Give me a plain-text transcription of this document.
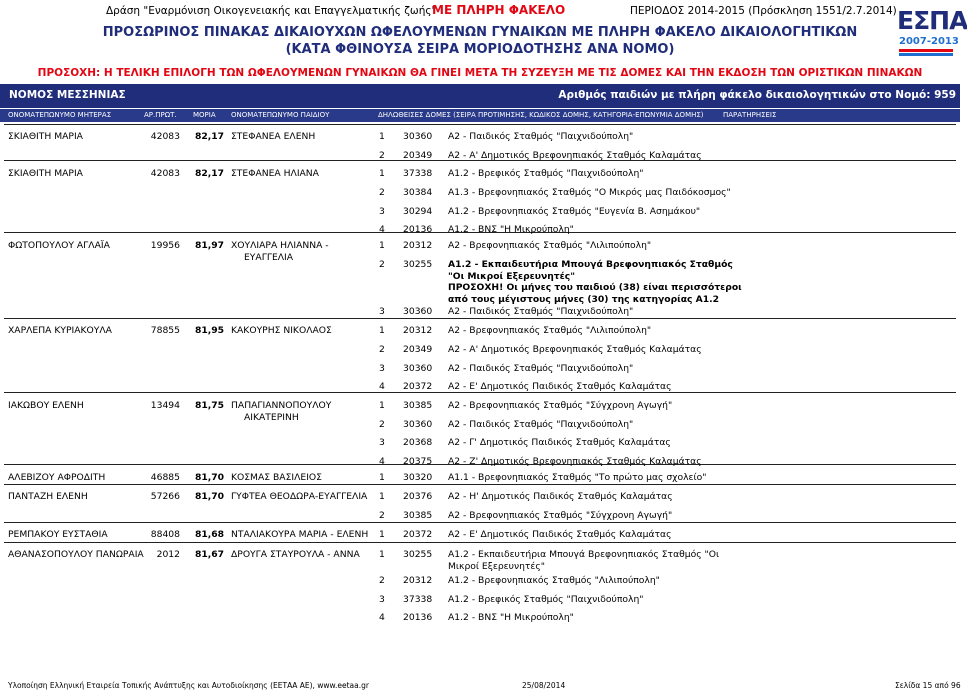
Δράση "Εναρμόνιση Οικογενειακής και Επαγγελματικής ζωής"
ΜΕ ΠΛΗΡΗ ΦΑΚΕΛΟ	ΠΕΡΙΟΔΟΣ 2014-2015 (Πρόσκληση 1551/2.7.2014)
ΠΡΟΣΩΡΙΝΟΣ ΠΙΝΑΚΑΣ ΔΙΚΑΙΟΥΧΩΝ ΩΦΕΛΟΥΜΕΝΩΝ ΓΥΝΑΙΚΩΝ ΜΕ ΠΛΗΡΗ ΦΑΚΕΛΟ ΔΙΚΑΙΟΛΟΓΗΤΙΚΩΝ
(ΚΑΤΑ ΦΘΙΝΟΥΣΑ ΣΕΙΡΑ ΜΟΡΙΟΔΟΤΗΣΗΣ ΑΝΑ ΝΟΜΟ)
ΕΣΠΑ
2007-2013
ΠΡΟΣΟΧΗ: Η ΤΕΛΙΚΗ ΕΠΙΛΟΓΗ ΤΩΝ ΩΦΕΛΟΥΜΕΝΩΝ ΓΥΝΑΙΚΩΝ ΘΑ ΓΙΝΕΙ ΜΕΤΑ ΤΗ ΣΥΖΕΥΞΗ ΜΕ ΤΙΣ ΔΟΜΕΣ ΚΑΙ ΤΗΝ ΕΚΔΟΣΗ ΤΩΝ ΟΡΙΣΤΙΚΩΝ ΠΙΝΑΚΩΝ
ΝΟΜΟΣ ΜΕΣΣΗΝΙΑΣ	Αριθμός παιδιών με πλήρη φάκελο δικαιολογητικών στο Νομό: 959
ΟΝΟΜΑΤΕΠΩΝΥΜΟ ΜΗΤΕΡΑΣ	ΑΡ.ΠΡΩΤ. ΜΟΡΙΑ ΟΝΟΜΑΤΕΠΩΝΥΜΟ ΠΑΙΔΙΟΥ	ΔΗΛΩΘΕΙΣΕΣ ΔΟΜΕΣ (ΣΕΙΡΑ ΠΡΟΤΙΜΗΣΗΣ, ΚΩΔΙΚΟΣ ΔΟΜΗΣ, ΚΑΤΗΓΟΡΙΑ-ΕΠΩΝΥΜΙΑ ΔΟΜΗΣ)	ΠΑΡΑΤΗΡΗΣΕΙΣ
ΣΚΙΑΘΙΤΗ ΜΑΡΙΑ	42083 82,17 ΣΤΕΦΑΝΕΑ ΕΛΕΝΗ	1 30360 Α2 - Παιδικός Σταθμός "Παιχνιδούπολη"
2 20349 Α2 - Α' Δημοτικός Βρεφονηπιακός Σταθμός Καλαμάτας
ΣΚΙΑΘΙΤΗ ΜΑΡΙΑ	42083 82,17 ΣΤΕΦΑΝΕΑ ΗΛΙΑΝΑ	1 37338 Α1.2 - Βρεφικός Σταθμός "Παιχνιδούπολη"
2 30384 Α1.3 - Βρεφονηπιακός Σταθμός "Ο Μικρός μας Παιδόκοσμος"
3 30294 Α1.2 - Βρεφονηπιακός Σταθμός "Ευγενία Β. Ασημάκου"
4 20136 Α1.2 - ΒΝΣ "Η Μικρούπολη"
ΦΩΤΟΠΟΥΛΟΥ ΑΓΛΑΪΑ	19956 81,97 ΧΟΥΛΙΑΡΑ ΗΛΙΑΝΝΑ -
ΕΥΑΓΓΕΛΙΑ
1 20312 Α2 - Βρεφονηπιακός Σταθμός "Λιλιπούπολη"
2 30255 Α1.2 - Εκπαιδευτήρια Μπουγά Βρεφονηπιακός Σταθμός
"Οι Μικροί Εξερευνητές"
ΠΡΟΣΟΧΗ! Οι μήνες του παιδιού (38) είναι περισσότεροι
από τους μέγιστους μήνες (30) της κατηγορίας Α1.2
3 30360 Α2 - Παιδικός Σταθμός "Παιχνιδούπολη"
ΧΑΡΛΕΠΑ ΚΥΡΙΑΚΟΥΛΑ	78855 81,95 ΚΑΚΟΥΡΗΣ ΝΙΚΟΛΑΟΣ	1 20312 Α2 - Βρεφονηπιακός Σταθμός "Λιλιπούπολη"
2 20349 Α2 - Α' Δημοτικός Βρεφονηπιακός Σταθμός Καλαμάτας
3 30360 Α2 - Παιδικός Σταθμός "Παιχνιδούπολη"
4 20372 Α2 - Ε' Δημοτικός Παιδικός Σταθμός Καλαμάτας
ΙΑΚΩΒΟΥ ΕΛΕΝΗ	13494 81,75 ΠΑΠΑΓΙΑΝΝΟΠΟΥΛΟΥ
ΑΙΚΑΤΕΡΙΝΗ
1 30385 Α2 - Βρεφονηπιακός Σταθμός "Σύγχρονη Αγωγή"
2 30360 Α2 - Παιδικός Σταθμός "Παιχνιδούπολη"
3 20368 Α2 - Γ' Δημοτικός Παιδικός Σταθμός Καλαμάτας
4 20375 Α2 - Ζ' Δημοτικός Βρεφονηπιακός Σταθμός Καλαμάτας
ΑΛΕΒΙΖΟΥ ΑΦΡΟΔΙΤΗ	46885 81,70 ΚΟΣΜΑΣ ΒΑΣΙΛΕΙΟΣ	1 30320 Α1.1 - Βρεφονηπιακός Σταθμός "Το πρώτο μας σχολείο"
ΠΑΝΤΑΖΗ ΕΛΕΝΗ	57266 81,70 ΓΥΦΤΕΑ ΘΕΟΔΩΡΑ-ΕΥΑΓΓΕΛΙΑ 1 20376 Α2 - Η' Δημοτικός Παιδικός Σταθμός Καλαμάτας
2 30385 Α2 - Βρεφονηπιακός Σταθμός "Σύγχρονη Αγωγή"
ΡΕΜΠΑΚΟΥ ΕΥΣΤΑΘΙΑ	88408 81,68 ΝΤΑΛΙΑΚΟΥΡΑ ΜΑΡΙΑ - ΕΛΕΝΗ 1 20372 Α2 - Ε' Δημοτικός Παιδικός Σταθμός Καλαμάτας
ΑΘΑΝΑΣΟΠΟΥΛΟΥ ΠΑΝΩΡΑΙΑ	2012 81,67 ΔΡΟΥΓΑ ΣΤΑΥΡΟΥΛΑ - ΑΝΝΑ 1 30255 Α1.2 - Εκπαιδευτήρια Μπουγά Βρεφονηπιακός Σταθμός "Οι
Μικροί Εξερευνητές"
2 20312 Α1.2 - Βρεφονηπιακός Σταθμός "Λιλιπούπολη"
3 37338 Α1.2 - Βρεφικός Σταθμός "Παιχνιδούπολη"
4 20136 Α1.2 - ΒΝΣ "Η Μικρούπολη"
Υλοποίηση Ελληνική Εταιρεία Τοπικής Ανάπτυξης και Αυτοδιοίκησης (ΕΕΤΑΑ ΑΕ), www.eetaa.gr	25/08/2014	Σελίδα 15 από 96
